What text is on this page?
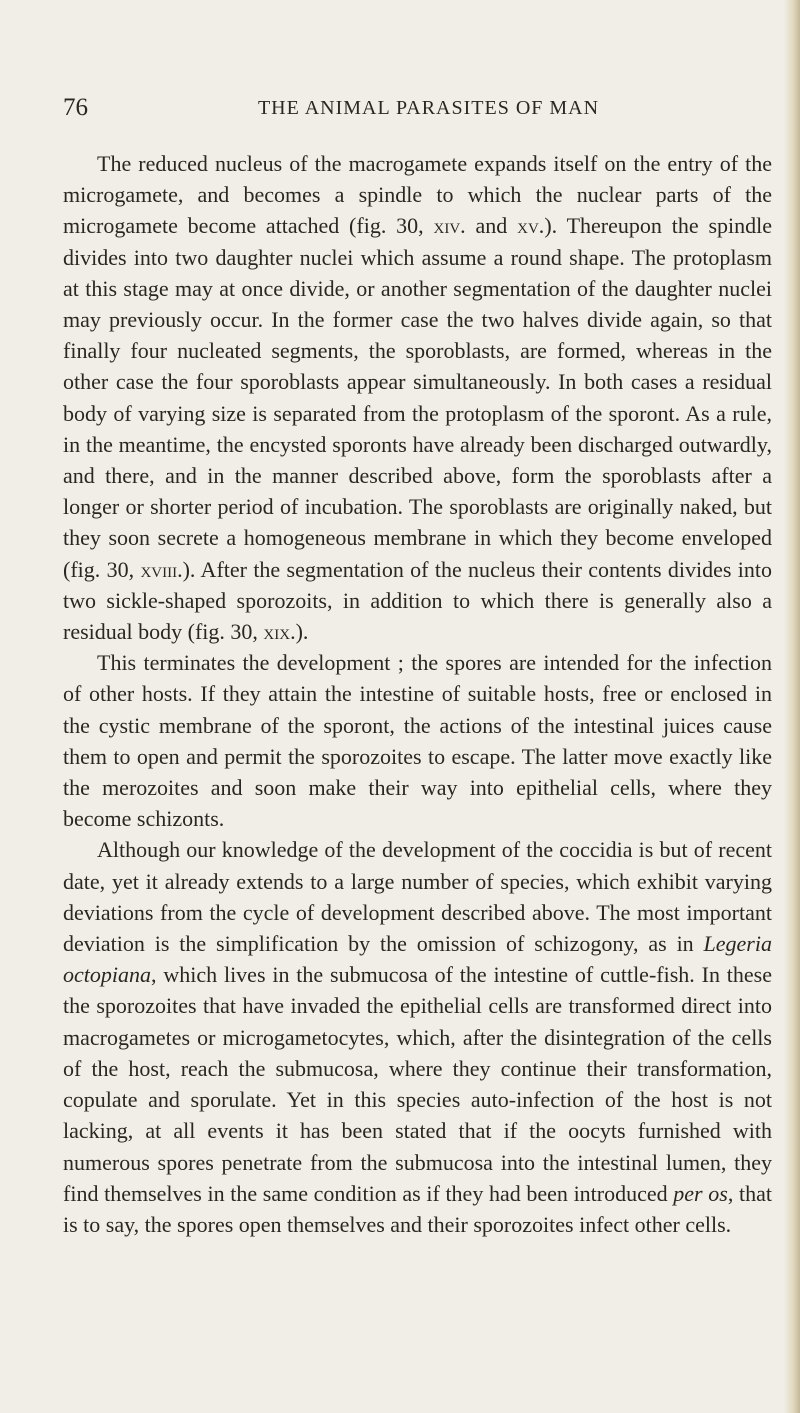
76	THE ANIMAL PARASITES OF MAN

The reduced nucleus of the macrogamete expands itself on the entry of the microgamete, and becomes a spindle to which the nuclear parts of the microgamete become attached (fig. 30, xiv. and xv.). Thereupon the spindle divides into two daughter nuclei which assume a round shape. The protoplasm at this stage may at once divide, or another segmentation of the daughter nuclei may previously occur. In the former case the two halves divide again, so that finally four nucleated segments, the sporoblasts, are formed, whereas in the other case the four sporoblasts appear simultaneously. In both cases a residual body of varying size is separated from the protoplasm of the sporont. As a rule, in the meantime, the encysted sporonts have already been discharged outwardly, and there, and in the manner described above, form the sporoblasts after a longer or shorter period of incubation. The sporoblasts are originally naked, but they soon secrete a homogeneous membrane in which they become enveloped (fig. 30, xviii.). After the segmentation of the nucleus their contents divides into two sickle-shaped sporozoits, in addition to which there is generally also a residual body (fig. 30, xix.).

This terminates the development ; the spores are intended for the infection of other hosts. If they attain the intestine of suitable hosts, free or enclosed in the cystic membrane of the sporont, the actions of the intestinal juices cause them to open and permit the sporozoites to escape. The latter move exactly like the merozoites and soon make their way into epithelial cells, where they become schizonts.

Although our knowledge of the development of the coccidia is but of recent date, yet it already extends to a large number of species, which exhibit varying deviations from the cycle of development described above. The most important deviation is the simplification by the omission of schizogony, as in Legeria octopiana, which lives in the submucosa of the intestine of cuttle-fish. In these the sporozoites that have invaded the epithelial cells are transformed direct into macrogametes or microgametocytes, which, after the disintegration of the cells of the host, reach the submucosa, where they continue their transformation, copulate and sporulate. Yet in this species auto-infection of the host is not lacking, at all events it has been stated that if the oocyts furnished with numerous spores penetrate from the submucosa into the intestinal lumen, they find themselves in the same condition as if they had been introduced per os, that is to say, the spores open themselves and their sporozoites infect other cells.
